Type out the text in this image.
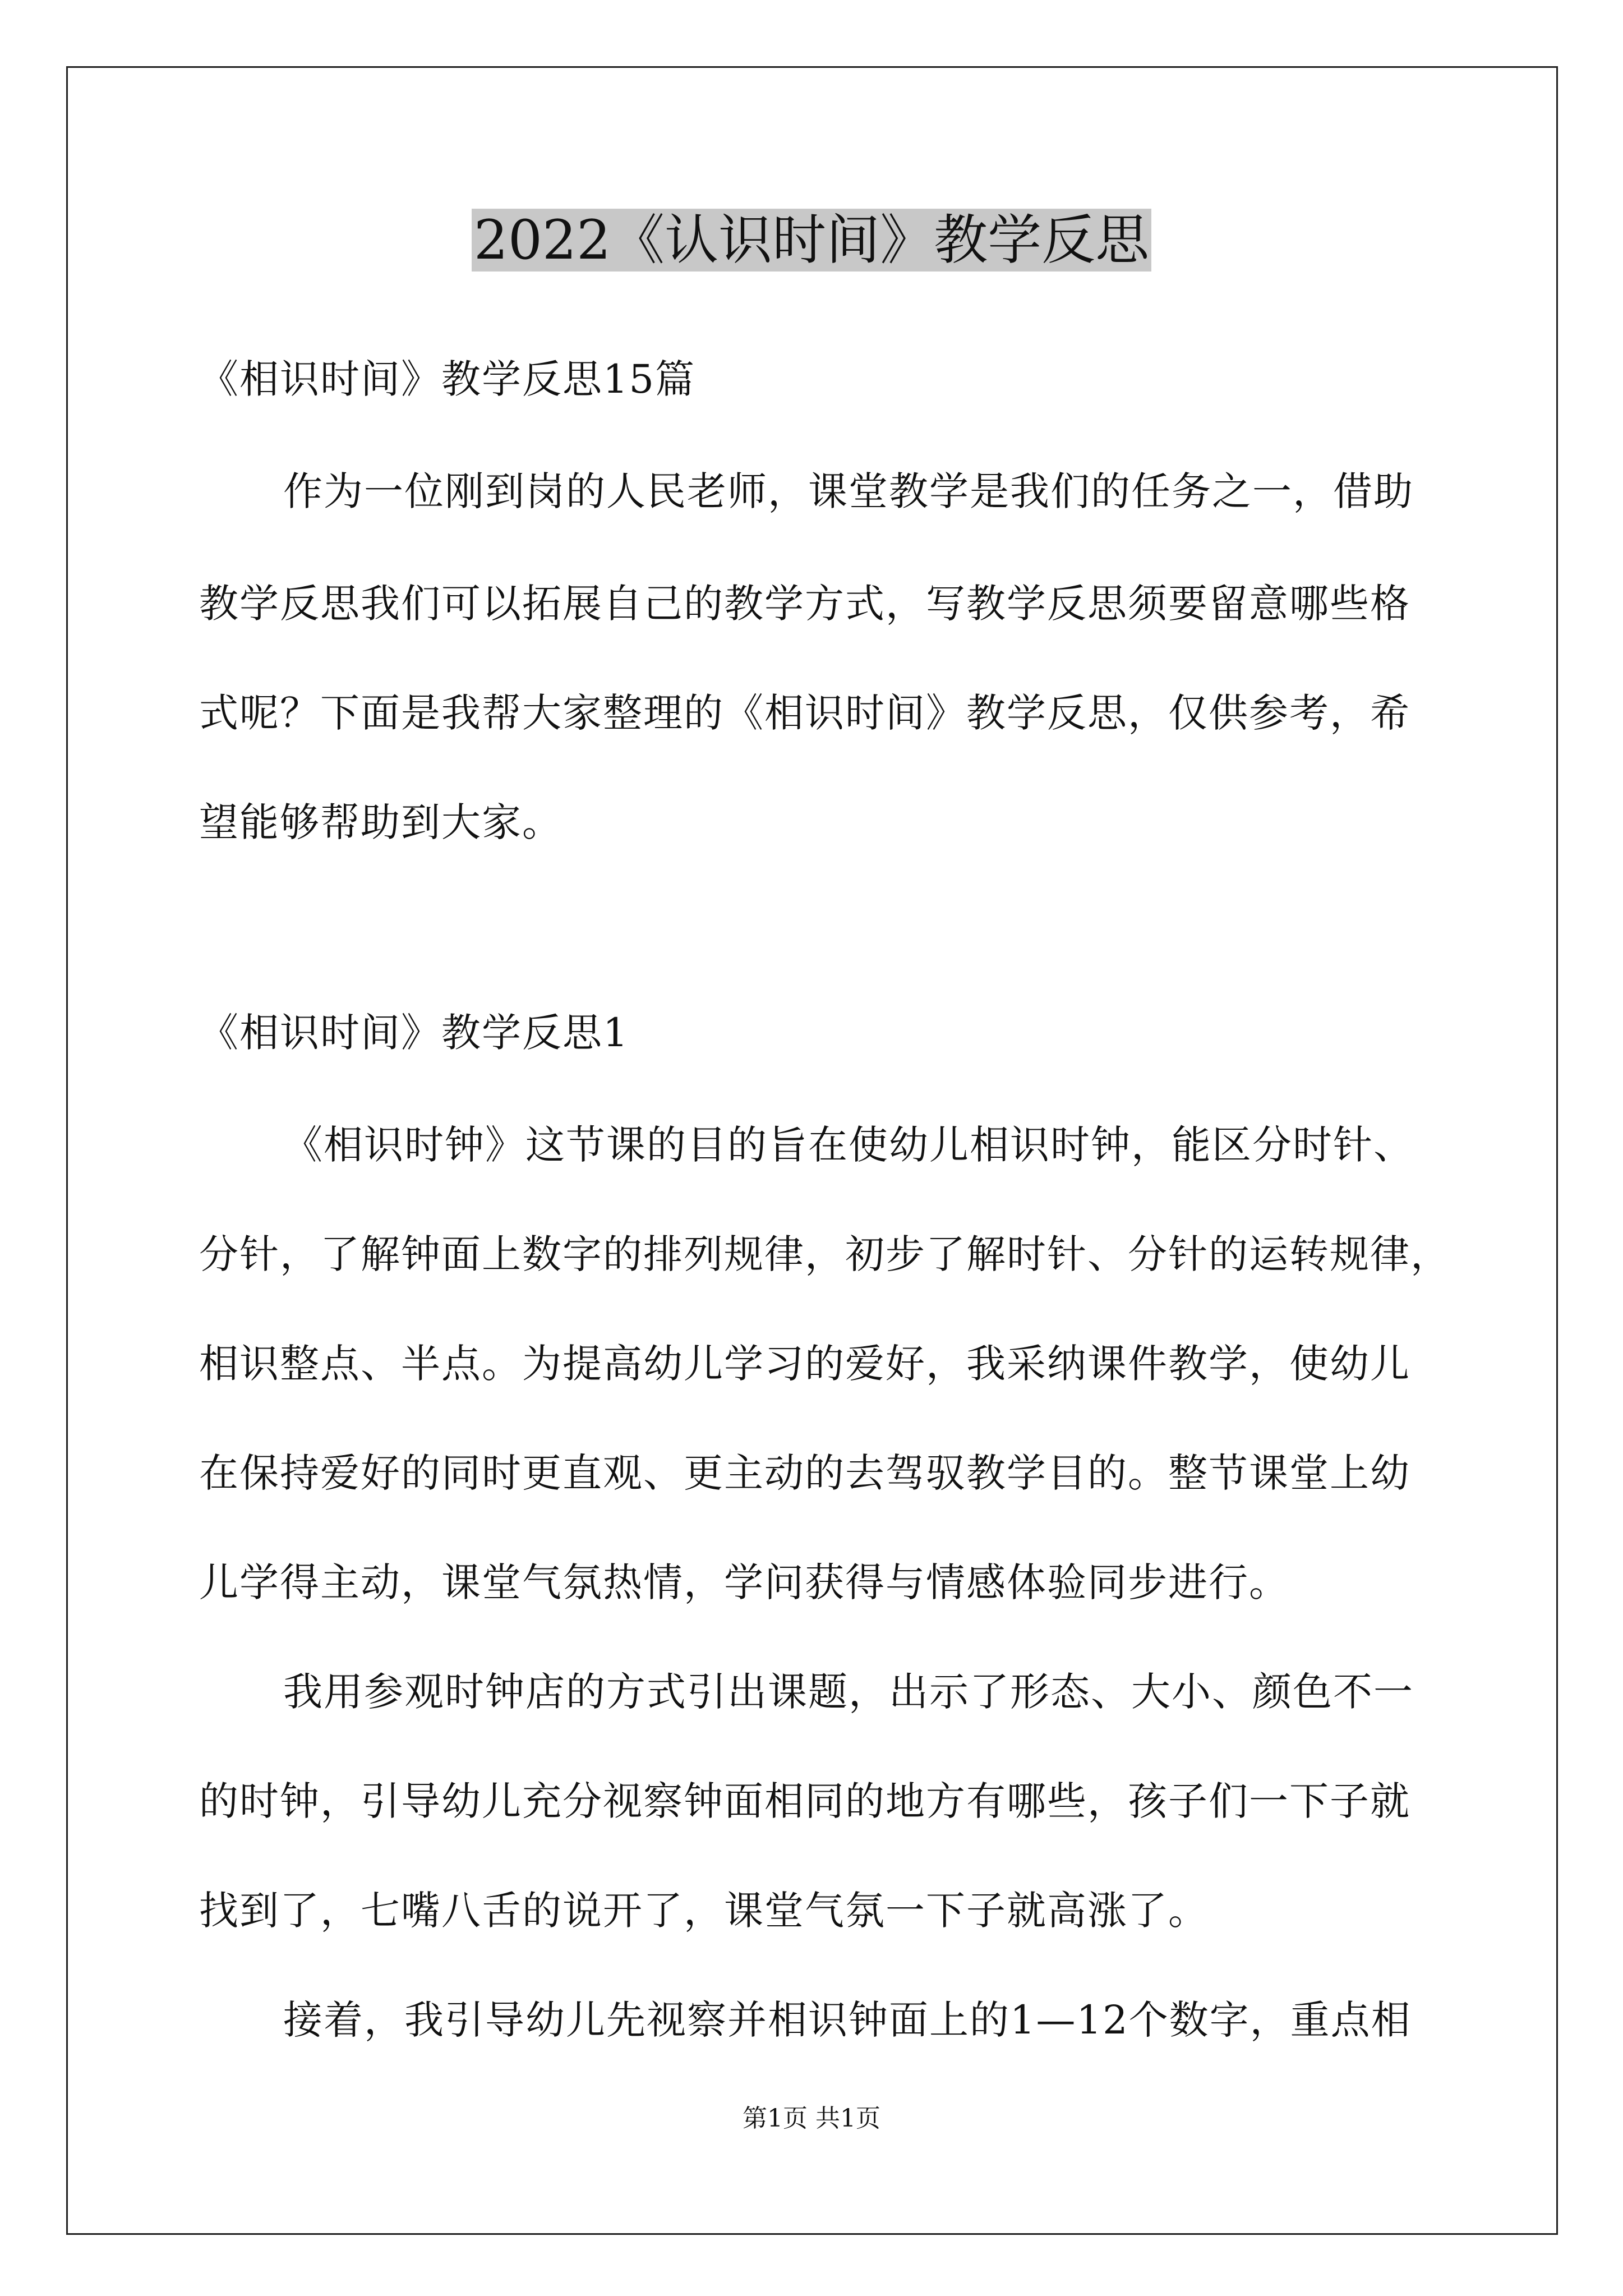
2022《认识时间》教学反思
《相识时间》教学反思15篇
作为一位刚到岗的人民老师，课堂教学是我们的任务之一，借助
教学反思我们可以拓展自己的教学方式，写教学反思须要留意哪些格
式呢？下面是我帮大家整理的《相识时间》教学反思，仅供参考，希
望能够帮助到大家。
《相识时间》教学反思1
《相识时钟》这节课的目的旨在使幼儿相识时钟，能区分时针、
分针，了解钟面上数字的排列规律，初步了解时针、分针的运转规律，
相识整点、半点。为提高幼儿学习的爱好，我采纳课件教学，使幼儿
在保持爱好的同时更直观、更主动的去驾驭教学目的。整节课堂上幼
儿学得主动，课堂气氛热情，学问获得与情感体验同步进行。
我用参观时钟店的方式引出课题，出示了形态、大小、颜色不一
的时钟，引导幼儿充分视察钟面相同的地方有哪些，孩子们一下子就
找到了，七嘴八舌的说开了，课堂气氛一下子就高涨了。
接着，我引导幼儿先视察并相识钟面上的1—12个数字，重点相
第1页 共1页
